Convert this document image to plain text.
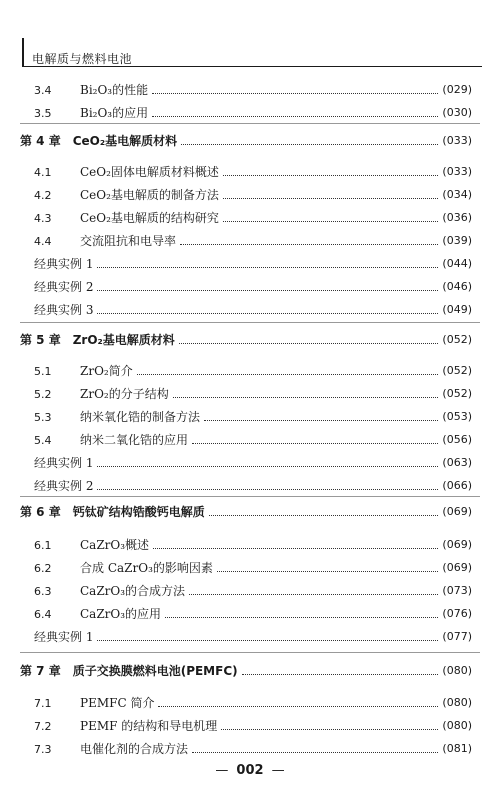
电解质与燃料电池
3.4 Bi₂O₃的性能	(029)
3.5 Bi₂O₃的应用	(030)
第 4 章　CeO₂基电解质材料	(033)
4.1 CeO₂固体电解质材料概述	(033)
4.2 CeO₂基电解质的制备方法	(034)
4.3 CeO₂基电解质的结构研究	(036)
4.4 交流阻抗和电导率	(039)
经典实例 1	(044)
经典实例 2	(046)
经典实例 3	(049)
第 5 章　ZrO₂基电解质材料	(052)
5.1 ZrO₂简介	(052)
5.2 ZrO₂的分子结构	(052)
5.3 纳米氧化锆的制备方法	(053)
5.4 纳米二氧化锆的应用	(056)
经典实例 1	(063)
经典实例 2	(066)
第 6 章　钙钛矿结构锆酸钙电解质	(069)
6.1 CaZrO₃概述	(069)
6.2 合成 CaZrO₃的影响因素	(069)
6.3 CaZrO₃的合成方法	(073)
6.4 CaZrO₃的应用	(076)
经典实例 1	(077)
第 7 章　质子交换膜燃料电池(PEMFC)	(080)
7.1 PEMFC 简介	(080)
7.2 PEMF 的结构和导电机理	(080)
7.3 电催化剂的合成方法	(081)
— 002 —
